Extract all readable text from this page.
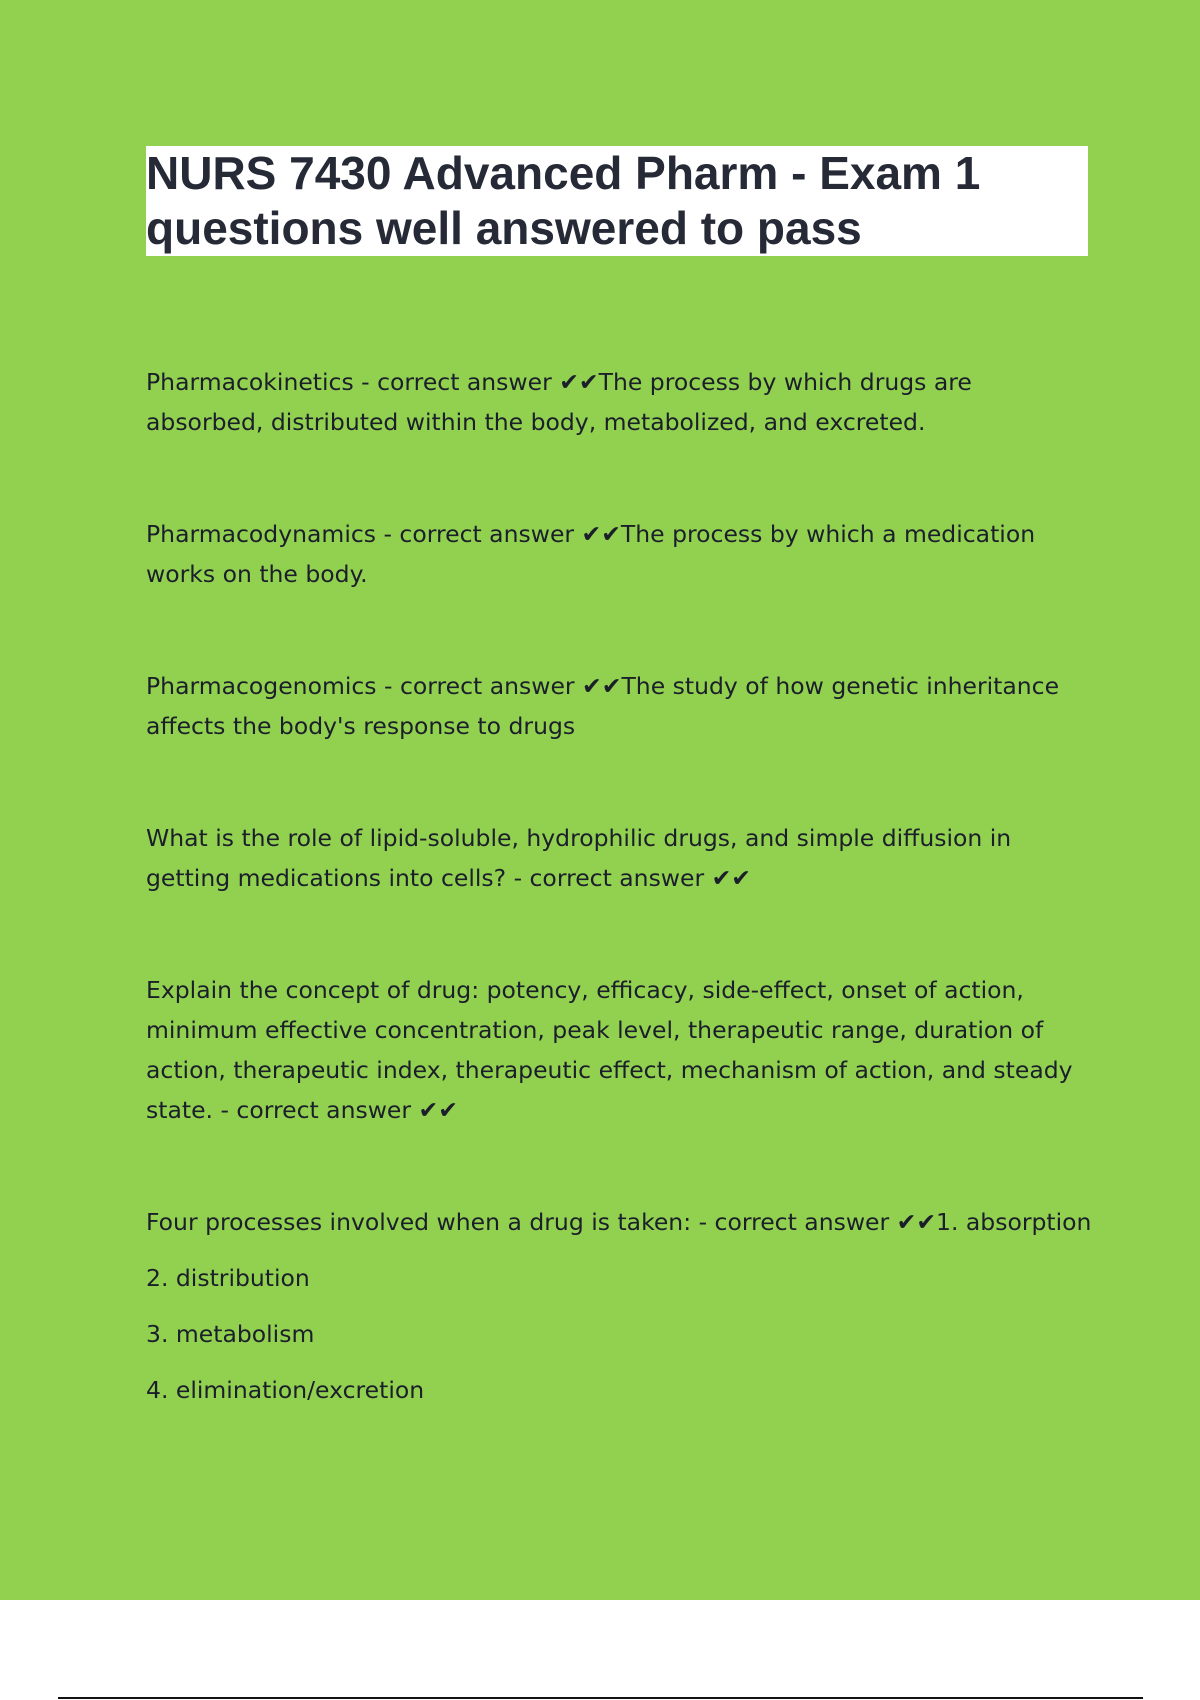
NURS 7430 Advanced Pharm - Exam 1 questions well answered to pass

Pharmacokinetics - correct answer ✔✔The process by which drugs are absorbed, distributed within the body, metabolized, and excreted.

Pharmacodynamics - correct answer ✔✔The process by which a medication works on the body.

Pharmacogenomics - correct answer ✔✔The study of how genetic inheritance affects the body's response to drugs

What is the role of lipid-soluble, hydrophilic drugs, and simple diffusion in getting medications into cells? - correct answer ✔✔

Explain the concept of drug: potency, efficacy, side-effect, onset of action, minimum effective concentration, peak level, therapeutic range, duration of action, therapeutic index, therapeutic effect, mechanism of action, and steady state. - correct answer ✔✔

Four processes involved when a drug is taken: - correct answer ✔✔1. absorption

2. distribution

3. metabolism

4. elimination/excretion
